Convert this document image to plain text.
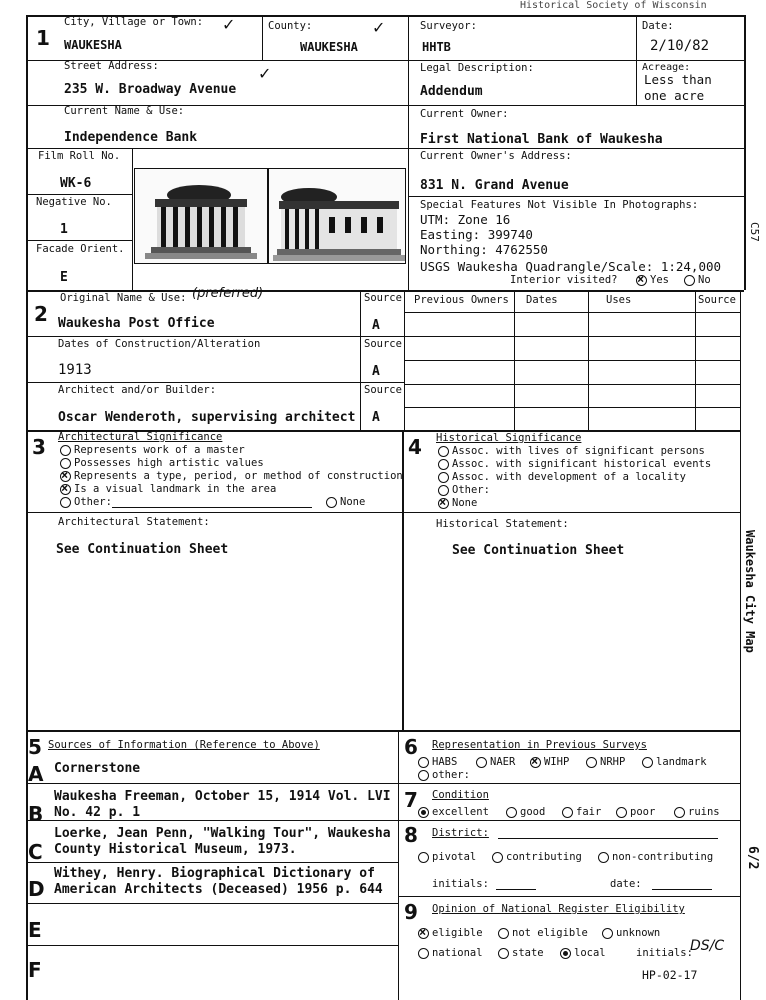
Historical Society of Wisconsin
1
City, Village or Town:
WAUKESHA
✓	County:
WAUKESHA
✓	Surveyor:
HHTB
Date:
2/10/82
Street Address:
235 W. Broadway Avenue
✓	Legal Description:
Addendum
Acreage:
Less than
one acre
Current Name & Use:
Independence Bank
Current Owner:
First National Bank of Waukesha
Film Roll No.
WK-6
Negative No.
1
Facade Orient.
E
Current Owner's Address:
831 N. Grand Avenue
Special Features Not Visible In Photographs:
UTM: Zone 16
Easting: 399740
Northing: 4762550
USGS Waukesha Quadrangle/Scale: 1:24,000
Interior visited? ×	Yes	No
2
Original Name & Use: (preferred)
Waukesha Post Office
Source
A
Dates of Construction/Alteration
1913
Source
A
Architect and/or Builder:
Oscar Wenderoth, supervising architect
Source
A
Previous Owners Dates	Uses	Source
3 Architectural Significance
Represents work of a master
Possesses high artistic values
×
Represents a type, period, or method of construction
×
Is a visual landmark in the area
Other:	None
Architectural Statement:
See Continuation Sheet
4 Historical Significance
Assoc. with lives of significant persons
Assoc. with significant historical events
Assoc. with development of a locality
Other:
×
None
Historical Statement:
See Continuation Sheet
5 Sources of Information (Reference to Above)
A Cornerstone
B
Waukesha Freeman, October 15, 1914 Vol. LVI
No. 42 p. 1
C
Loerke, Jean Penn, "Walking Tour", Waukesha
County Historical Museum, 1973.
D
Withey, Henry. Biographical Dictionary of
American Architects (Deceased) 1956 p. 644
E
F
6 Representation in Previous Surveys
HABS	NAER ×	WIHP	NRHP	landmark
other:
7 Condition
excellent	good	fair	poor	ruins
8 District:
pivotal	contributing	non-contributing
initials:	date:
9 Opinion of National Register Eligibility
×
eligible	not eligible	unknown
national	state	local	initials:
DS/C
Waukesha City Map
6/2
C57
HP-02-17
